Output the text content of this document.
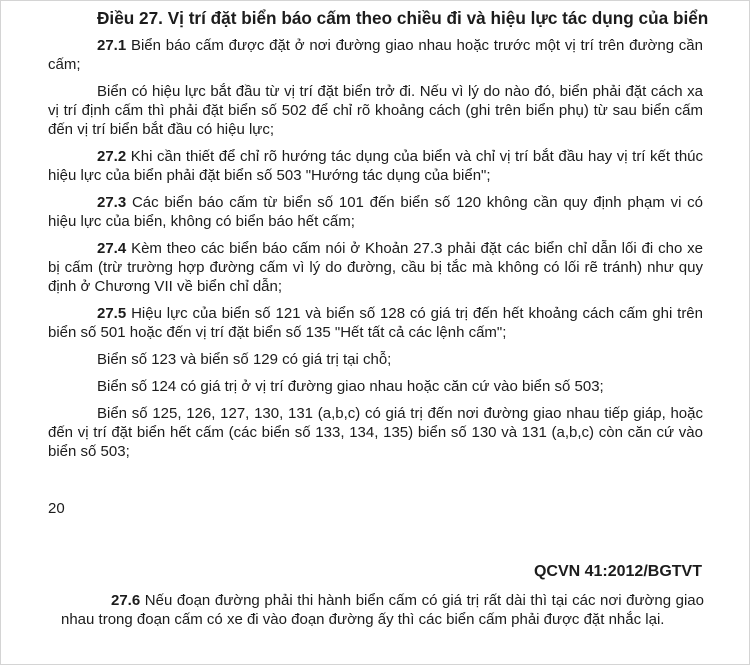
Điều 27. Vị trí đặt biển báo cấm theo chiều đi và hiệu lực tác dụng của biển

27.1 Biển báo cấm được đặt ở nơi đường giao nhau hoặc trước một vị trí trên đường cần cấm;

Biển có hiệu lực bắt đầu từ vị trí đặt biển trở đi. Nếu vì lý do nào đó, biển phải đặt cách xa vị trí định cấm thì phải đặt biển số 502 để chỉ rõ khoảng cách (ghi trên biển phụ) từ sau biển cấm đến vị trí biển bắt đầu có hiệu lực;

27.2 Khi cần thiết để chỉ rõ hướng tác dụng của biển và chỉ vị trí bắt đầu hay vị trí kết thúc hiệu lực của biển phải đặt biển số 503 "Hướng tác dụng của biển";

27.3 Các biển báo cấm từ biển số 101 đến biển số 120 không cần quy định phạm vi có hiệu lực của biển, không có biển báo hết cấm;

27.4 Kèm theo các biển báo cấm nói ở Khoản 27.3 phải đặt các biển chỉ dẫn lối đi cho xe bị cấm (trừ trường hợp đường cấm vì lý do đường, cầu bị tắc mà không có lối rẽ tránh) như quy định ở Chương VII về biển chỉ dẫn;

27.5 Hiệu lực của biển số 121 và biển số 128 có giá trị đến hết khoảng cách cấm ghi trên biển số 501 hoặc đến vị trí đặt biển số 135 "Hết tất cả các lệnh cấm";

Biển số 123 và biển số 129 có giá trị tại chỗ;

Biển số 124 có giá trị ở vị trí đường giao nhau hoặc căn cứ vào biển số 503;

Biển số 125, 126, 127, 130, 131 (a,b,c) có giá trị đến nơi đường giao nhau tiếp giáp, hoặc đến vị trí đặt biển hết cấm (các biển số 133, 134, 135) biển số 130 và 131 (a,b,c) còn căn cứ vào biển số 503;

20

QCVN 41:2012/BGTVT

27.6 Nếu đoạn đường phải thi hành biển cấm có giá trị rất dài thì tại các nơi đường giao nhau trong đoạn cấm có xe đi vào đoạn đường ấy thì các biển cấm phải được đặt nhắc lại.
